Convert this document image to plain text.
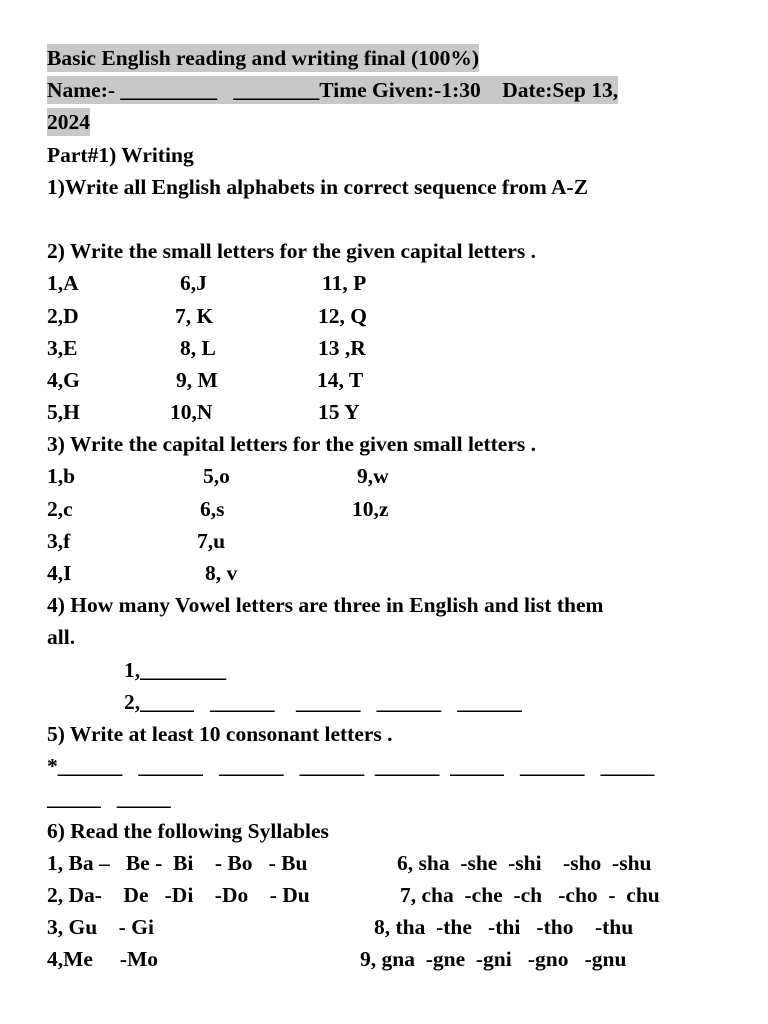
Basic English reading and writing final (100%)
Name:- _________   ________Time Given:-1:30    Date:Sep 13,
2024
Part#1) Writing
1)Write all English alphabets in correct sequence from A-Z
2) Write the small letters for the given capital letters .
1,A	6,J	11, P
2,D	7, K	12, Q
3,E	8, L	13 ,R
4,G	9, M	14, T
5,H	10,N	15 Y
3) Write the capital letters for the given small letters .
1,b	5,o	9,w
2,c	6,s	10,z
3,f	7,u
4,I	8, v
4) How many Vowel letters are three in English and list them
all.
1,________
2,_____   ______    ______   ______   ______
5) Write at least 10 consonant letters .
*______   ______   ______   ______  ______  _____   ______   _____
_____   _____
6) Read the following Syllables
1, Ba –   Be -  Bi    - Bo   - Bu	6, sha  -she  -shi    -sho  -shu
2, Da-    De   -Di    -Do    - Du	7, cha  -che  -ch   -cho  -  chu
3, Gu    - Gi	8, tha  -the   -thi   -tho    -thu
4,Me     -Mo	9, gna  -gne  -gni   -gno   -gnu
